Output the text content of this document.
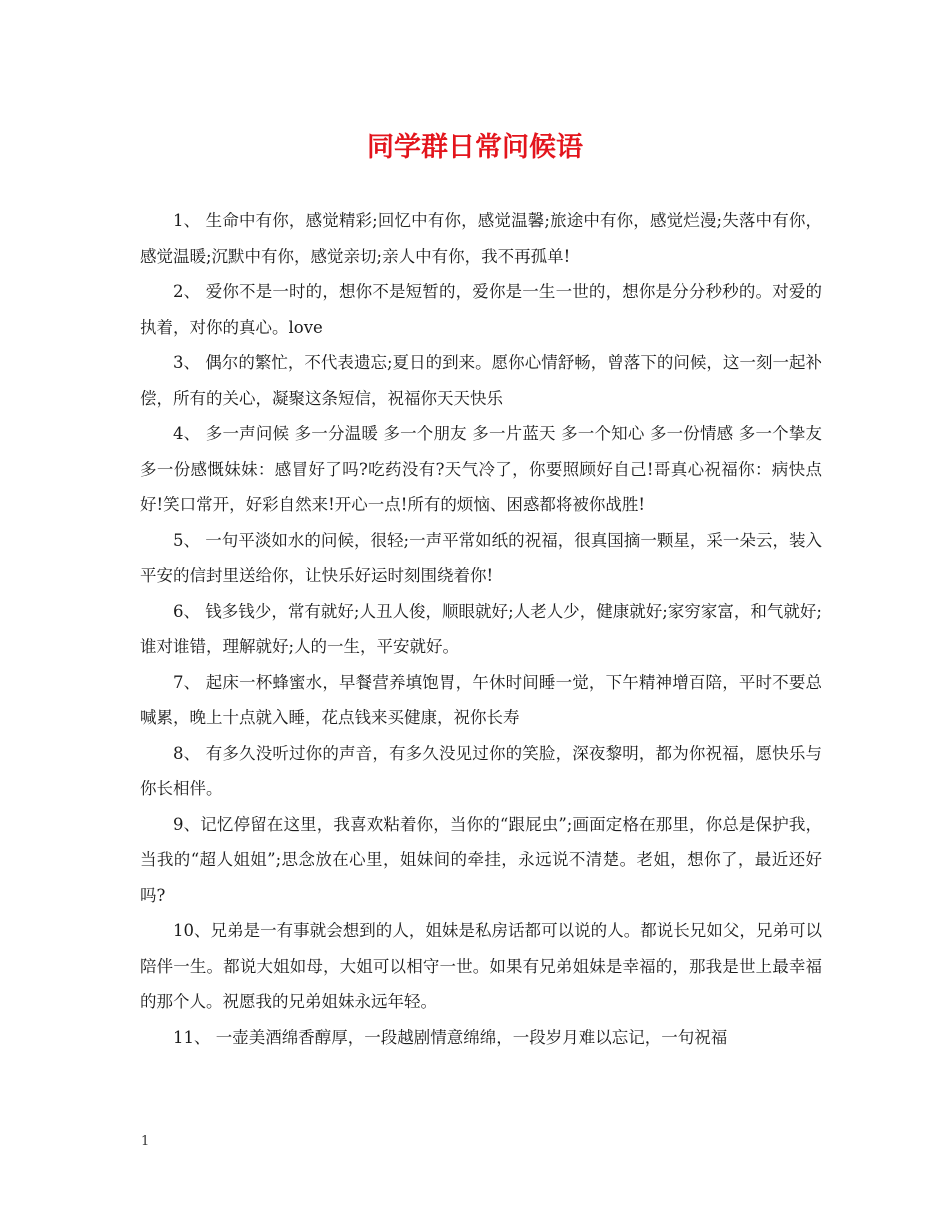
同学群日常问候语

1、 生命中有你，感觉精彩;回忆中有你，感觉温馨;旅途中有你，感觉烂漫;失落中有你，感觉温暖;沉默中有你，感觉亲切;亲人中有你，我不再孤单!

2、 爱你不是一时的，想你不是短暂的，爱你是一生一世的，想你是分分秒秒的。对爱的执着，对你的真心。love

3、 偶尔的繁忙，不代表遗忘;夏日的到来。愿你心情舒畅，曾落下的问候，这一刻一起补偿，所有的关心，凝聚这条短信，祝福你天天快乐

4、 多一声问候 多一分温暖 多一个朋友 多一片蓝天 多一个知心 多一份情感 多一个挚友 多一份感慨妹妹：感冒好了吗?吃药没有?天气冷了，你要照顾好自己!哥真心祝福你：病快点好!笑口常开，好彩自然来!开心一点!所有的烦恼、困惑都将被你战胜!

5、 一句平淡如水的问候，很轻;一声平常如纸的祝福，很真国摘一颗星，采一朵云，装入平安的信封里送给你，让快乐好运时刻围绕着你!

6、 钱多钱少，常有就好;人丑人俊，顺眼就好;人老人少，健康就好;家穷家富，和气就好;谁对谁错，理解就好;人的一生，平安就好。

7、 起床一杯蜂蜜水，早餐营养填饱胃，午休时间睡一觉，下午精神增百陪，平时不要总喊累，晚上十点就入睡，花点钱来买健康，祝你长寿

8、 有多久没听过你的声音，有多久没见过你的笑脸，深夜黎明，都为你祝福，愿快乐与你长相伴。

9、记忆停留在这里，我喜欢粘着你，当你的“跟屁虫”;画面定格在那里，你总是保护我，当我的“超人姐姐”;思念放在心里，姐妹间的牵挂，永远说不清楚。老姐，想你了，最近还好吗?

10、兄弟是一有事就会想到的人，姐妹是私房话都可以说的人。都说长兄如父，兄弟可以陪伴一生。都说大姐如母，大姐可以相守一世。如果有兄弟姐妹是幸福的，那我是世上最幸福的那个人。祝愿我的兄弟姐妹永远年轻。

11、 一壶美酒绵香醇厚，一段越剧情意绵绵，一段岁月难以忘记，一句祝福

1
